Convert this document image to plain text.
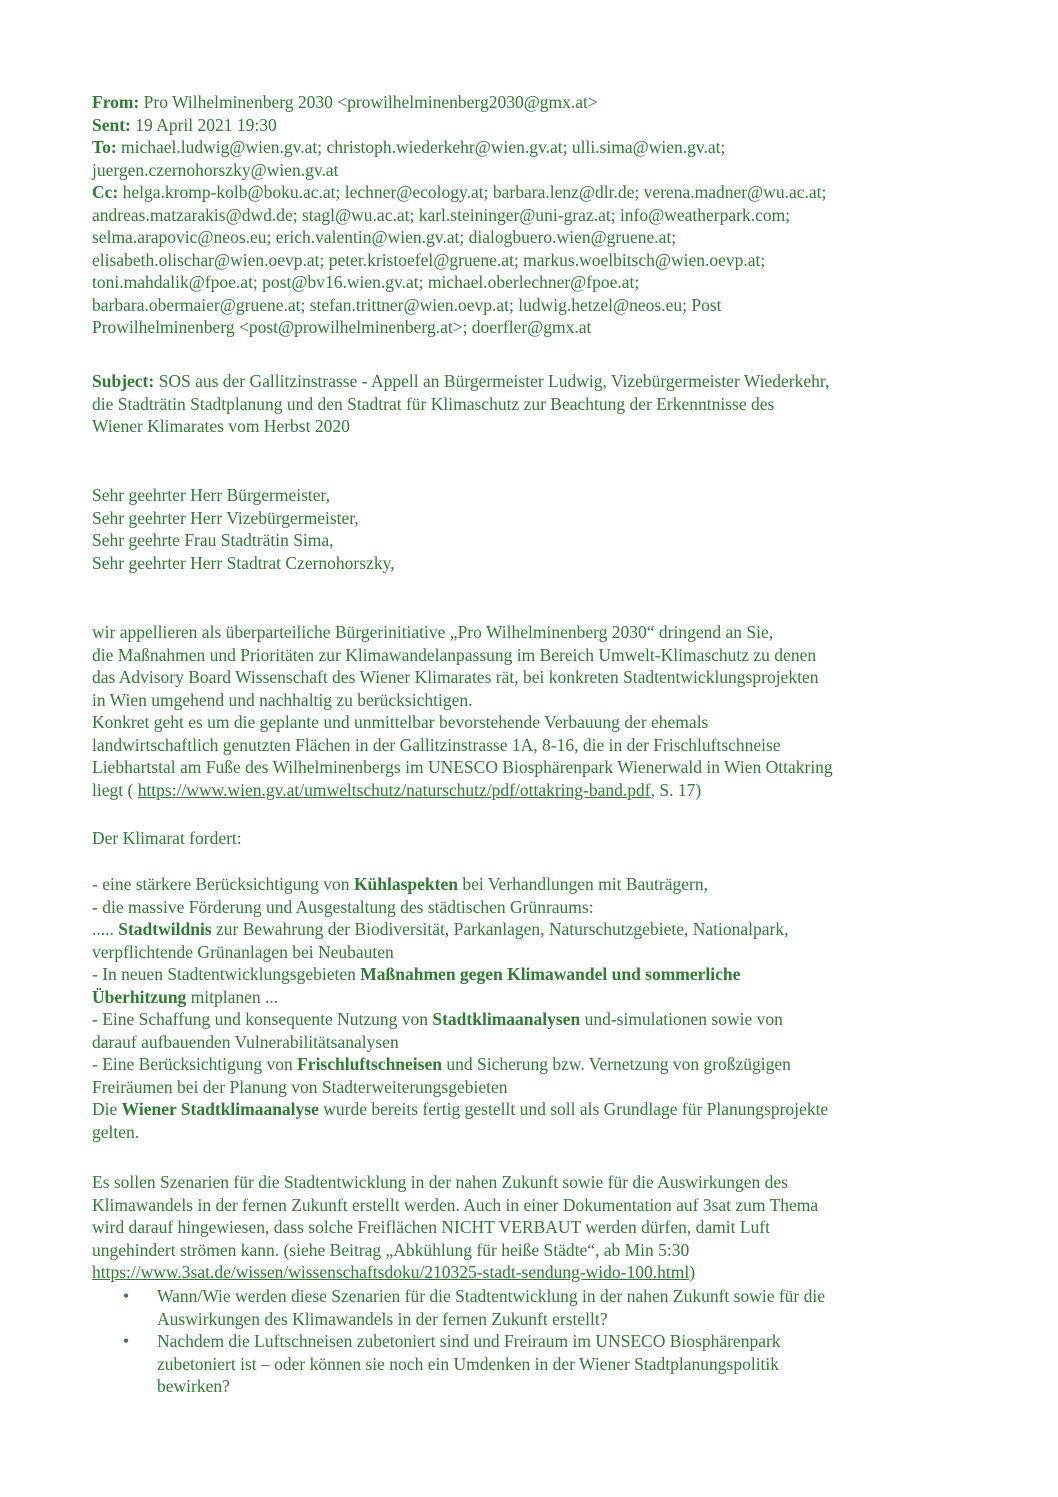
From: Pro Wilhelminenberg 2030 <prowilhelminenberg2030@gmx.at>
Sent: 19 April 2021 19:30
To: michael.ludwig@wien.gv.at; christoph.wiederkehr@wien.gv.at; ulli.sima@wien.gv.at;
juergen.czernohorszky@wien.gv.at
Cc: helga.kromp-kolb@boku.ac.at; lechner@ecology.at; barbara.lenz@dlr.de; verena.madner@wu.ac.at;
andreas.matzarakis@dwd.de; stagl@wu.ac.at; karl.steininger@uni-graz.at; info@weatherpark.com;
selma.arapovic@neos.eu; erich.valentin@wien.gv.at; dialogbuero.wien@gruene.at;
elisabeth.olischar@wien.oevp.at; peter.kristoefel@gruene.at; markus.woelbitsch@wien.oevp.at;
toni.mahdalik@fpoe.at; post@bv16.wien.gv.at; michael.oberlechner@fpoe.at;
barbara.obermaier@gruene.at; stefan.trittner@wien.oevp.at; ludwig.hetzel@neos.eu; Post
Prowilhelminenberg <post@prowilhelminenberg.at>; doerfler@gmx.at
Subject: SOS aus der Gallitzinstrasse - Appell an Bürgermeister Ludwig, Vizebürgermeister Wiederkehr,
die Stadträtin Stadtplanung und den Stadtrat für Klimaschutz zur Beachtung der Erkenntnisse des
Wiener Klimarates vom Herbst 2020
Sehr geehrter Herr Bürgermeister,
Sehr geehrter Herr Vizebürgermeister,
Sehr geehrte Frau Stadträtin Sima,
Sehr geehrter Herr Stadtrat Czernohorszky,
wir appellieren als überparteiliche Bürgerinitiative „Pro Wilhelminenberg 2030“ dringend an Sie,
die Maßnahmen und Prioritäten zur Klimawandelanpassung im Bereich Umwelt-Klimaschutz zu denen
das Advisory Board Wissenschaft des Wiener Klimarates rät, bei konkreten Stadtentwicklungsprojekten
in Wien umgehend und nachhaltig zu berücksichtigen.
Konkret geht es um die geplante und unmittelbar bevorstehende Verbauung der ehemals
landwirtschaftlich genutzten Flächen in der Gallitzinstrasse 1A, 8-16, die in der Frischluftschneise
Liebhartstal am Fuße des Wilhelminenbergs im UNESCO Biosphärenpark Wienerwald in Wien Ottakring
liegt ( https://www.wien.gv.at/umweltschutz/naturschutz/pdf/ottakring-band.pdf, S. 17)
Der Klimarat fordert:
- eine stärkere Berücksichtigung von Kühlaspekten bei Verhandlungen mit Bauträgern,
- die massive Förderung und Ausgestaltung des städtischen Grünraums:
..... Stadtwildnis zur Bewahrung der Biodiversität, Parkanlagen, Naturschutzgebiete, Nationalpark,
verpflichtende Grünanlagen bei Neubauten
- In neuen Stadtentwicklungsgebieten Maßnahmen gegen Klimawandel und sommerliche
Überhitzung mitplanen ...
- Eine Schaffung und konsequente Nutzung von Stadtklimaanalysen und-simulationen sowie von
darauf aufbauenden Vulnerabilitätsanalysen
- Eine Berücksichtigung von Frischluftschneisen und Sicherung bzw. Vernetzung von großzügigen
Freiräumen bei der Planung von Stadterweiterungsgebieten
Die Wiener Stadtklimaanalyse wurde bereits fertig gestellt und soll als Grundlage für Planungsprojekte
gelten.
Es sollen Szenarien für die Stadtentwicklung in der nahen Zukunft sowie für die Auswirkungen des
Klimawandels in der fernen Zukunft erstellt werden. Auch in einer Dokumentation auf 3sat zum Thema
wird darauf hingewiesen, dass solche Freiflächen NICHT VERBAUT werden dürfen, damit Luft
ungehindert strömen kann. (siehe Beitrag „Abkühlung für heiße Städte“, ab Min 5:30
https://www.3sat.de/wissen/wissenschaftsdoku/210325-stadt-sendung-wido-100.html)
• Wann/Wie werden diese Szenarien für die Stadtentwicklung in der nahen Zukunft sowie für die
Auswirkungen des Klimawandels in der fernen Zukunft erstellt?
• Nachdem die Luftschneisen zubetoniert sind und Freiraum im UNSECO Biosphärenpark
zubetoniert ist – oder können sie noch ein Umdenken in der Wiener Stadtplanungspolitik
bewirken?
